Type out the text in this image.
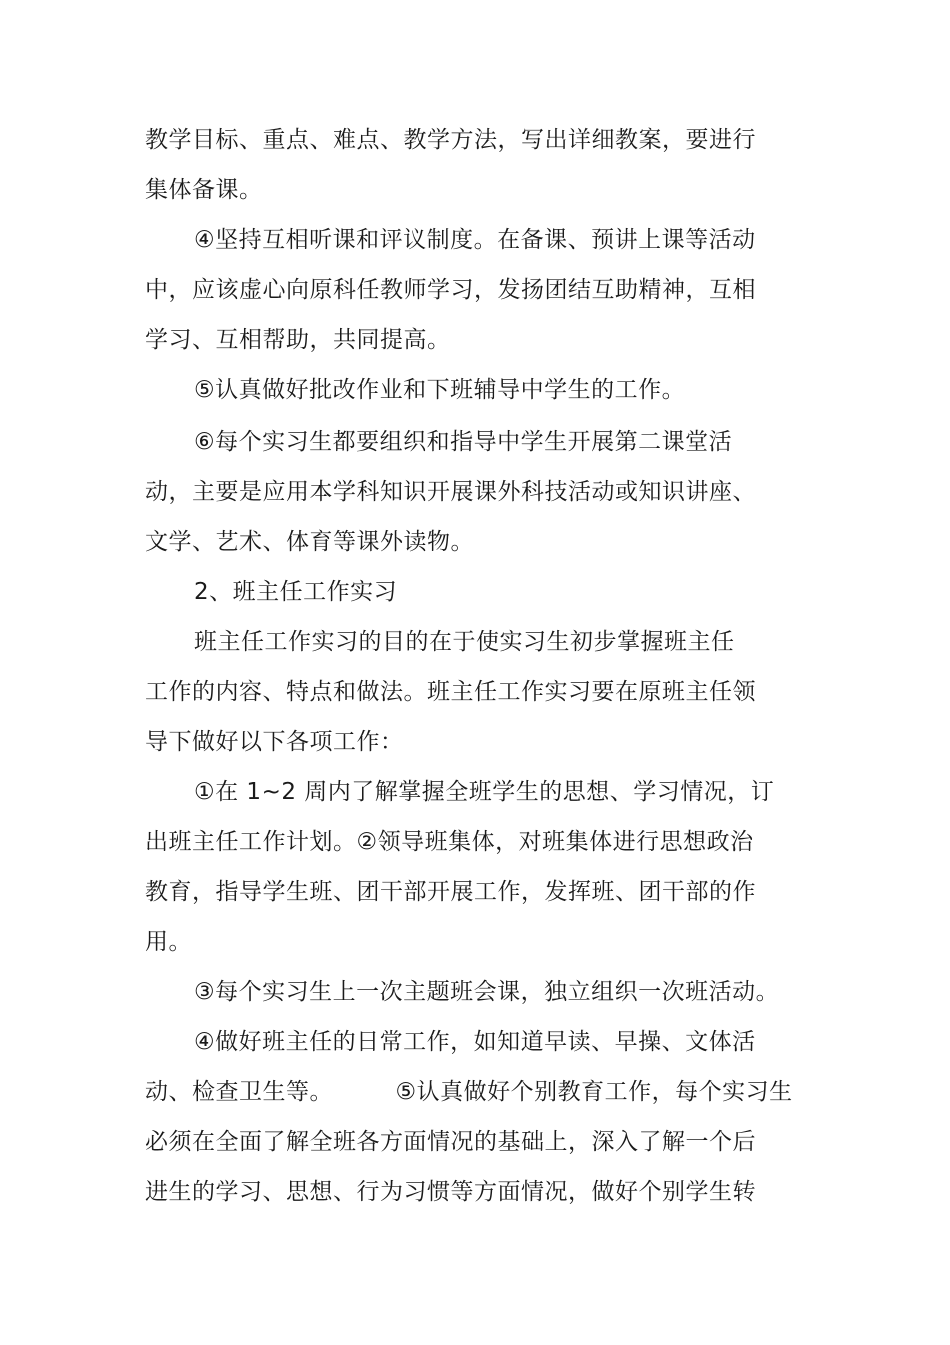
教学目标、重点、难点、教学方法，写出详细教案，要进行
集体备课。
④坚持互相听课和评议制度。在备课、预讲上课等活动
中，应该虚心向原科任教师学习，发扬团结互助精神，互相
学习、互相帮助，共同提高。
⑤认真做好批改作业和下班辅导中学生的工作。
⑥每个实习生都要组织和指导中学生开展第二课堂活
动，主要是应用本学科知识开展课外科技活动或知识讲座、
文学、艺术、体育等课外读物。
2、班主任工作实习
班主任工作实习的目的在于使实习生初步掌握班主任
工作的内容、特点和做法。班主任工作实习要在原班主任领
导下做好以下各项工作：
①在 1~2 周内了解掌握全班学生的思想、学习情况，订
出班主任工作计划。②领导班集体，对班集体进行思想政治
教育，指导学生班、团干部开展工作，发挥班、团干部的作
用。
③每个实习生上一次主题班会课，独立组织一次班活动。
④做好班主任的日常工作，如知道早读、早操、文体活
动、检查卫生等。        ⑤认真做好个别教育工作，每个实习生
必须在全面了解全班各方面情况的基础上，深入了解一个后
进生的学习、思想、行为习惯等方面情况，做好个别学生转
